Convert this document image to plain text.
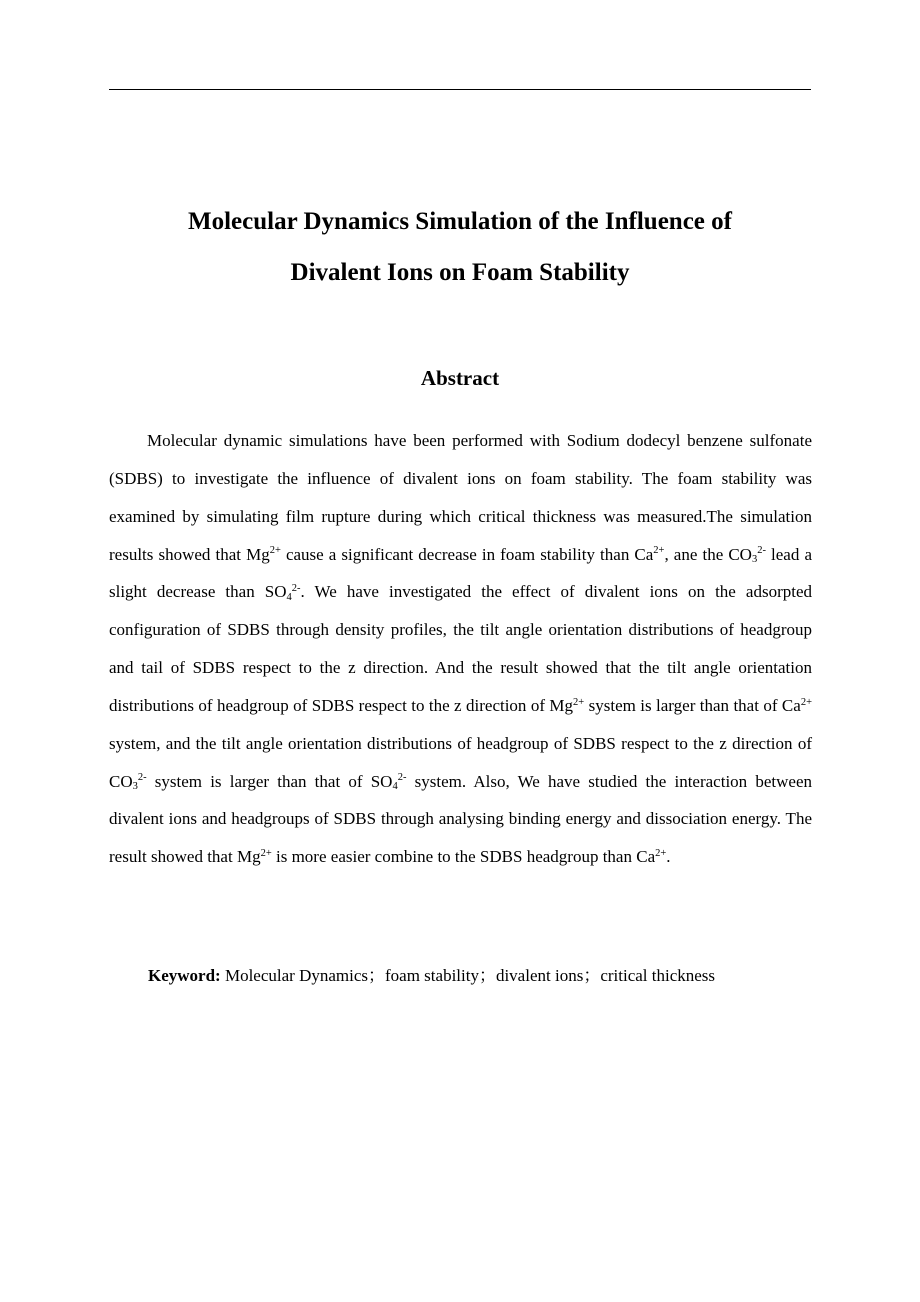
Molecular Dynamics Simulation of the Influence of
Divalent Ions on Foam Stability
Abstract

Molecular dynamic simulations have been performed with Sodium dodecyl benzene sulfonate (SDBS) to investigate the influence of divalent ions on foam stability. The foam stability was examined by simulating film rupture during which critical thickness was measured.The simulation results showed that $Mg^{2+}$ cause a significant decrease in foam stability than $Ca^{2+}$, ane the $CO_3^{2-}$ lead a slight decrease than $SO_4^{2-}$. We have investigated the effect of divalent ions on the adsorpted configuration of SDBS through density profiles, the tilt angle orientation distributions of headgroup and tail of SDBS respect to the z direction. And the result showed that the tilt angle orientation distributions of headgroup of SDBS respect to the z direction of $Mg^{2+}$ system is larger than that of $Ca^{2+}$ system, and the tilt angle orientation distributions of headgroup of SDBS respect to the z direction of $CO_3^{2-}$ system is larger than that of $SO_4^{2-}$ system. Also, We have studied the interaction between divalent ions and headgroups of SDBS through analysing binding energy and dissociation energy. The result showed that $Mg^{2+}$ is more easier combine to the SDBS headgroup than $Ca^{2+}$.

Keyword: Molecular Dynamics；foam stability；divalent ions；critical thickness
